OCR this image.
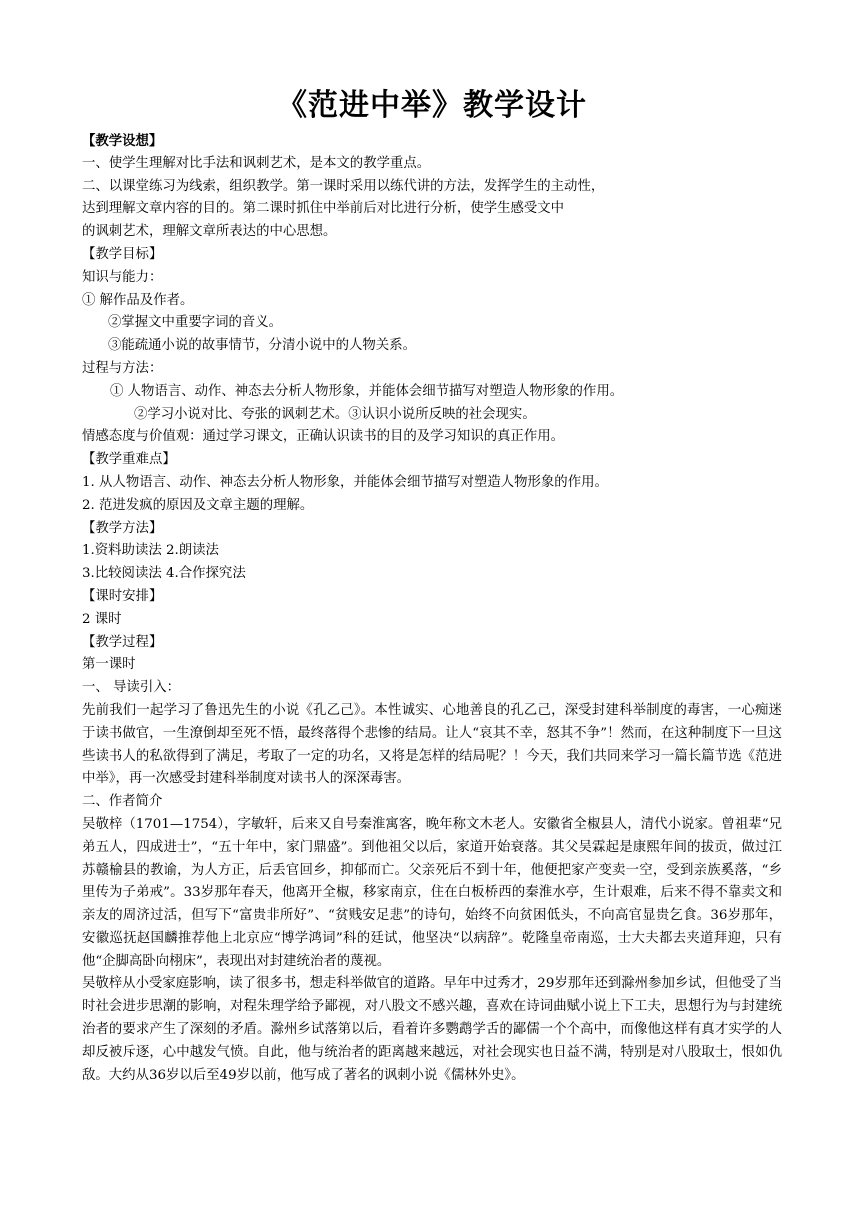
《范进中举》教学设计
【教学设想】
一、使学生理解对比手法和讽刺艺术，是本文的教学重点。
二、以课堂练习为线索，组织教学。第一课时采用以练代讲的方法，发挥学生的主动性，
达到理解文章内容的目的。第二课时抓住中举前后对比进行分析，使学生感受文中
的讽刺艺术，理解文章所表达的中心思想。
【教学目标】
知识与能力：
① 解作品及作者。
②掌握文中重要字词的音义。
③能疏通小说的故事情节，分清小说中的人物关系。
过程与方法：
① 人物语言、动作、神态去分析人物形象，并能体会细节描写对塑造人物形象的作用。
②学习小说对比、夸张的讽刺艺术。③认识小说所反映的社会现实。
情感态度与价值观：通过学习课文，正确认识读书的目的及学习知识的真正作用。
【教学重难点】
1. 从人物语言、动作、神态去分析人物形象，并能体会细节描写对塑造人物形象的作用。
2. 范进发疯的原因及文章主题的理解。
【教学方法】
1.资料助读法 2.朗读法
3.比较阅读法 4.合作探究法
【课时安排】
2 课时
【教学过程】
第一课时
一、 导读引入：
先前我们一起学习了鲁迅先生的小说《孔乙己》。本性诚实、心地善良的孔乙己，深受封建科举制度的毒害，一心痴迷于读书做官，一生潦倒却至死不悟，最终落得个悲惨的结局。让人“哀其不幸，怒其不争”！然而，在这种制度下一旦这些读书人的私欲得到了满足，考取了一定的功名，又将是怎样的结局呢？！今天，我们共同来学习一篇长篇节选《范进中举》，再一次感受封建科举制度对读书人的深深毒害。
二、作者简介
吴敬梓（1701—1754），字敏轩，后来又自号秦淮寓客，晚年称文木老人。安徽省全椒县人，清代小说家。曾祖辈“兄弟五人，四成进士”，“五十年中，家门鼎盛”。到他祖父以后，家道开始衰落。其父吴霖起是康熙年间的拔贡，做过江苏赣榆县的教谕，为人方正，后丢官回乡，抑郁而亡。父亲死后不到十年，他便把家产变卖一空，受到亲族奚落，“乡里传为子弟戒”。33岁那年春天，他离开全椒，移家南京，住在白板桥西的秦淮水亭，生计艰难，后来不得不靠卖文和亲友的周济过活，但写下“富贵非所好”、“贫贱安足悲”的诗句，始终不向贫困低头，不向高官显贵乞食。36岁那年，安徽巡抚赵国麟推荐他上北京应“博学鸿词”科的廷试，他坚决“以病辞”。乾隆皇帝南巡，士大夫都去夹道拜迎，只有他“企脚高卧向栩床”，表现出对封建统治者的蔑视。
吴敬梓从小受家庭影响，读了很多书，想走科举做官的道路。早年中过秀才，29岁那年还到滁州参加乡试，但他受了当时社会进步思潮的影响，对程朱理学给予鄙视，对八股文不感兴趣，喜欢在诗词曲赋小说上下工夫，思想行为与封建统治者的要求产生了深刻的矛盾。滁州乡试落第以后，看着许多鹦鹉学舌的鄙儒一个个高中，而像他这样有真才实学的人却反被斥逐，心中越发气愤。自此，他与统治者的距离越来越远，对社会现实也日益不满，特别是对八股取士，恨如仇敌。大约从36岁以后至49岁以前，他写成了著名的讽刺小说《儒林外史》。
